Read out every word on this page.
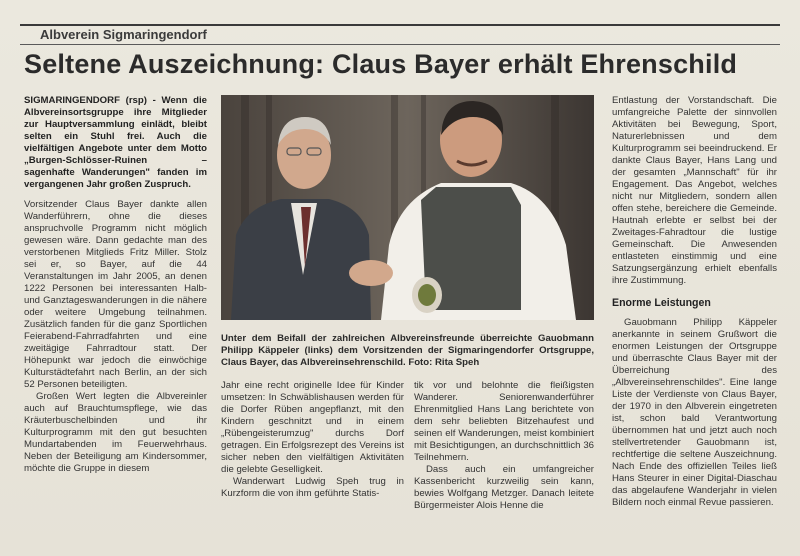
Albverein Sigmaringendorf
Seltene Auszeichnung: Claus Bayer erhält Ehrenschild

SIGMARINGENDORF (rsp) - Wenn die Albvereinsortsgruppe ihre Mitglieder zur Hauptversammlung einlädt, bleibt selten ein Stuhl frei. Auch die vielfältigen Angebote unter dem Motto „Burgen-Schlösser-Ruinen – sagenhafte Wanderungen" fanden im vergangenen Jahr großen Zuspruch.

Vorsitzender Claus Bayer dankte allen Wanderführern, ohne die dieses anspruchvolle Programm nicht möglich gewesen wäre. Dann gedachte man des verstorbenen Mitglieds Fritz Miller. Stolz sei er, so Bayer, auf die 44 Veranstaltungen im Jahr 2005, an denen 1222 Personen bei interessanten Halb- und Ganztageswanderungen in die nähere oder weitere Umgebung teilnahmen. Zusätzlich fanden für die ganz Sportlichen Feierabend-Fahrradfahrten und eine zweitägige Fahrradtour statt. Der Höhepunkt war jedoch die einwöchige Kulturstädtefahrt nach Berlin, an der sich 52 Personen beteiligten.

Großen Wert legten die Albvereinler auch auf Brauchtumspflege, wie das Kräuterbuschelbinden und ihr Kulturprogramm mit den gut besuchten Mundartabenden im Feuerwehrhaus. Neben der Beteiligung am Kindersommer, möchte die Gruppe in diesem

Unter dem Beifall der zahlreichen Albvereinsfreunde überreichte Gauobmann Philipp Käppeler (links) dem Vorsitzenden der Sigmaringendorfer Ortsgruppe, Claus Bayer, das Albvereinsehrenschild. Foto: Rita Speh

Jahr eine recht originelle Idee für Kinder umsetzen: In Schwäblishausen werden für die Dorfer Rüben angepflanzt, mit den Kindern geschnitzt und in einem „Rübengeisterumzug" durchs Dorf getragen. Ein Erfolgsrezept des Vereins ist sicher neben den vielfältigen Aktivitäten die gelebte Geselligkeit.

Wanderwart Ludwig Speh trug in Kurzform die von ihm geführte Statis-

tik vor und belohnte die fleißigsten Wanderer. Seniorenwanderführer Ehrenmitglied Hans Lang berichtete von dem sehr beliebten Bitzehaufest und seinen elf Wanderungen, meist kombiniert mit Besichtigungen, an durchschnittlich 36 Teilnehmern.

Dass auch ein umfangreicher Kassenbericht kurzweilig sein kann, bewies Wolfgang Metzger. Danach leitete Bürgermeister Alois Henne die

Entlastung der Vorstandschaft. Die umfangreiche Palette der sinnvollen Aktivitäten bei Bewegung, Sport, Naturerlebnissen und dem Kulturprogramm sei beeindruckend. Er dankte Claus Bayer, Hans Lang und der gesamten „Mannschaft" für ihr Engagement. Das Angebot, welches nicht nur Mitgliedern, sondern allen offen stehe, bereichere die Gemeinde. Hautnah erlebte er selbst bei der Zweitages-Fahradtour die lustige Gemeinschaft. Die Anwesenden entlasteten einstimmig und eine Satzungsergänzung erhielt ebenfalls ihre Zustimmung.

Enorme Leistungen

Gauobmann Philipp Käppeler anerkannte in seinem Grußwort die enormen Leistungen der Ortsgruppe und überraschte Claus Bayer mit der Überreichung des „Albvereinsehrenschildes". Eine lange Liste der Verdienste von Claus Bayer, der 1970 in den Albverein eingetreten ist, schon bald Verantwortung übernommen hat und jetzt auch noch stellvertretender Gauobmann ist, rechtfertige die seltene Auszeichnung. Nach Ende des offiziellen Teiles ließ Hans Steurer in einer Digital-Diaschau das abgelaufene Wanderjahr in vielen Bildern noch einmal Revue passieren.
